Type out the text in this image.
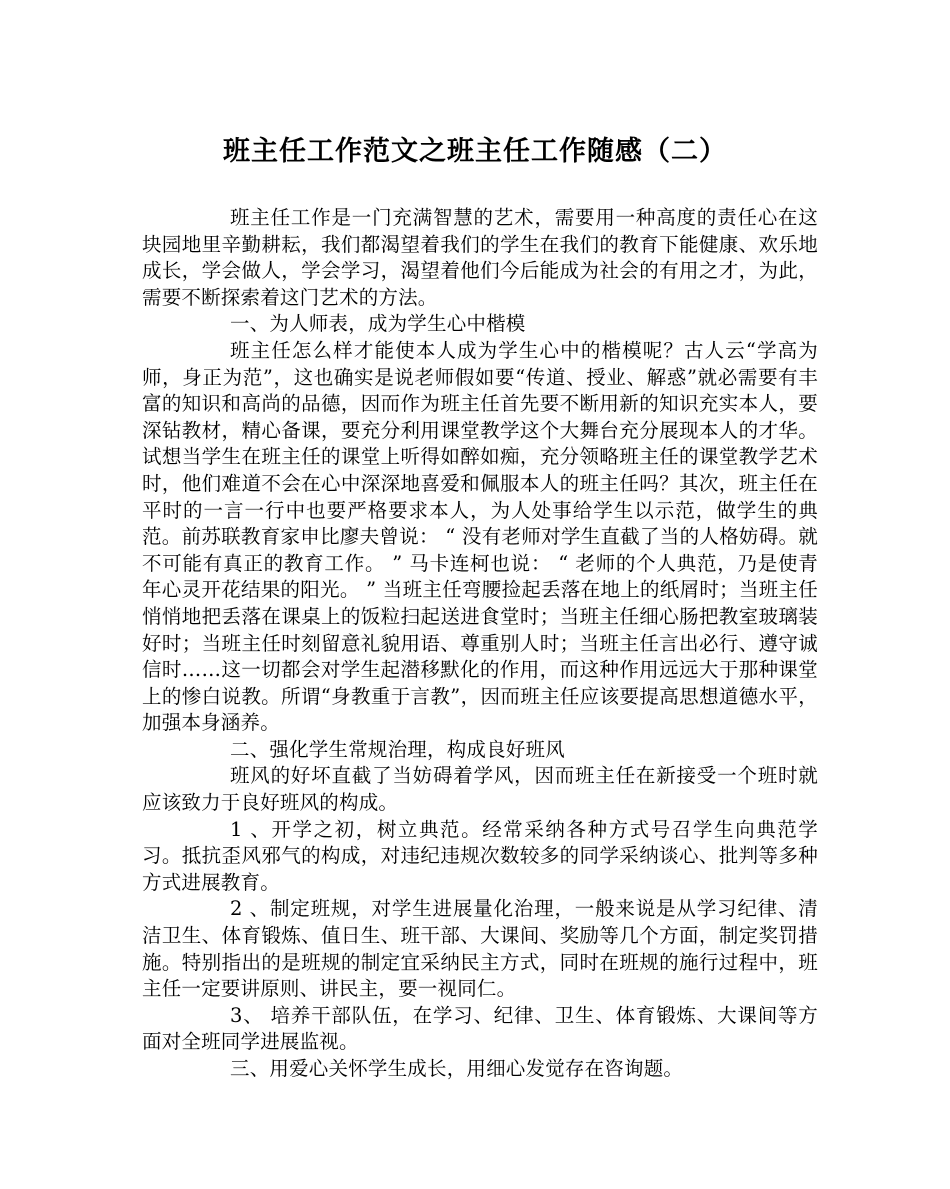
班主任工作范文之班主任工作随感（二）

班主任工作是一门充满智慧的艺术，需要用一种高度的责任心在这块园地里辛勤耕耘，我们都渴望着我们的学生在我们的教育下能健康、欢乐地成长，学会做人，学会学习，渴望着他们今后能成为社会的有用之才，为此，需要不断探索着这门艺术的方法。

一、为人师表，成为学生心中楷模

班主任怎么样才能使本人成为学生心中的楷模呢？古人云“学高为师，身正为范”，这也确实是说老师假如要“传道、授业、解惑”就必需要有丰富的知识和高尚的品德，因而作为班主任首先要不断用新的知识充实本人，要深钻教材，精心备课，要充分利用课堂教学这个大舞台充分展现本人的才华。试想当学生在班主任的课堂上听得如醉如痴，充分领略班主任的课堂教学艺术时，他们难道不会在心中深深地喜爱和佩服本人的班主任吗？其次，班主任在平时的一言一行中也要严格要求本人，为人处事给学生以示范，做学生的典范。前苏联教育家申比廖夫曾说： “ 没有老师对学生直截了当的人格妨碍。就不可能有真正的教育工作。 ” 马卡连柯也说： “ 老师的个人典范，乃是使青年心灵开花结果的阳光。 ” 当班主任弯腰捡起丢落在地上的纸屑时；当班主任悄悄地把丢落在课桌上的饭粒扫起送进食堂时；当班主任细心肠把教室玻璃装好时；当班主任时刻留意礼貌用语、尊重别人时；当班主任言出必行、遵守诚信时……这一切都会对学生起潜移默化的作用，而这种作用远远大于那种课堂上的惨白说教。所谓“身教重于言教”，因而班主任应该要提高思想道德水平，加强本身涵养。

二、强化学生常规治理，构成良好班风

班风的好坏直截了当妨碍着学风，因而班主任在新接受一个班时就应该致力于良好班风的构成。

1 、开学之初，树立典范。经常采纳各种方式号召学生向典范学习。抵抗歪风邪气的构成，对违纪违规次数较多的同学采纳谈心、批判等多种方式进展教育。

2 、制定班规，对学生进展量化治理，一般来说是从学习纪律、清洁卫生、体育锻炼、值日生、班干部、大课间、奖励等几个方面，制定奖罚措施。特别指出的是班规的制定宜采纳民主方式，同时在班规的施行过程中，班主任一定要讲原则、讲民主，要一视同仁。

3、 培养干部队伍，在学习、纪律、卫生、体育锻炼、大课间等方面对全班同学进展监视。

三、用爱心关怀学生成长，用细心发觉存在咨询题。
